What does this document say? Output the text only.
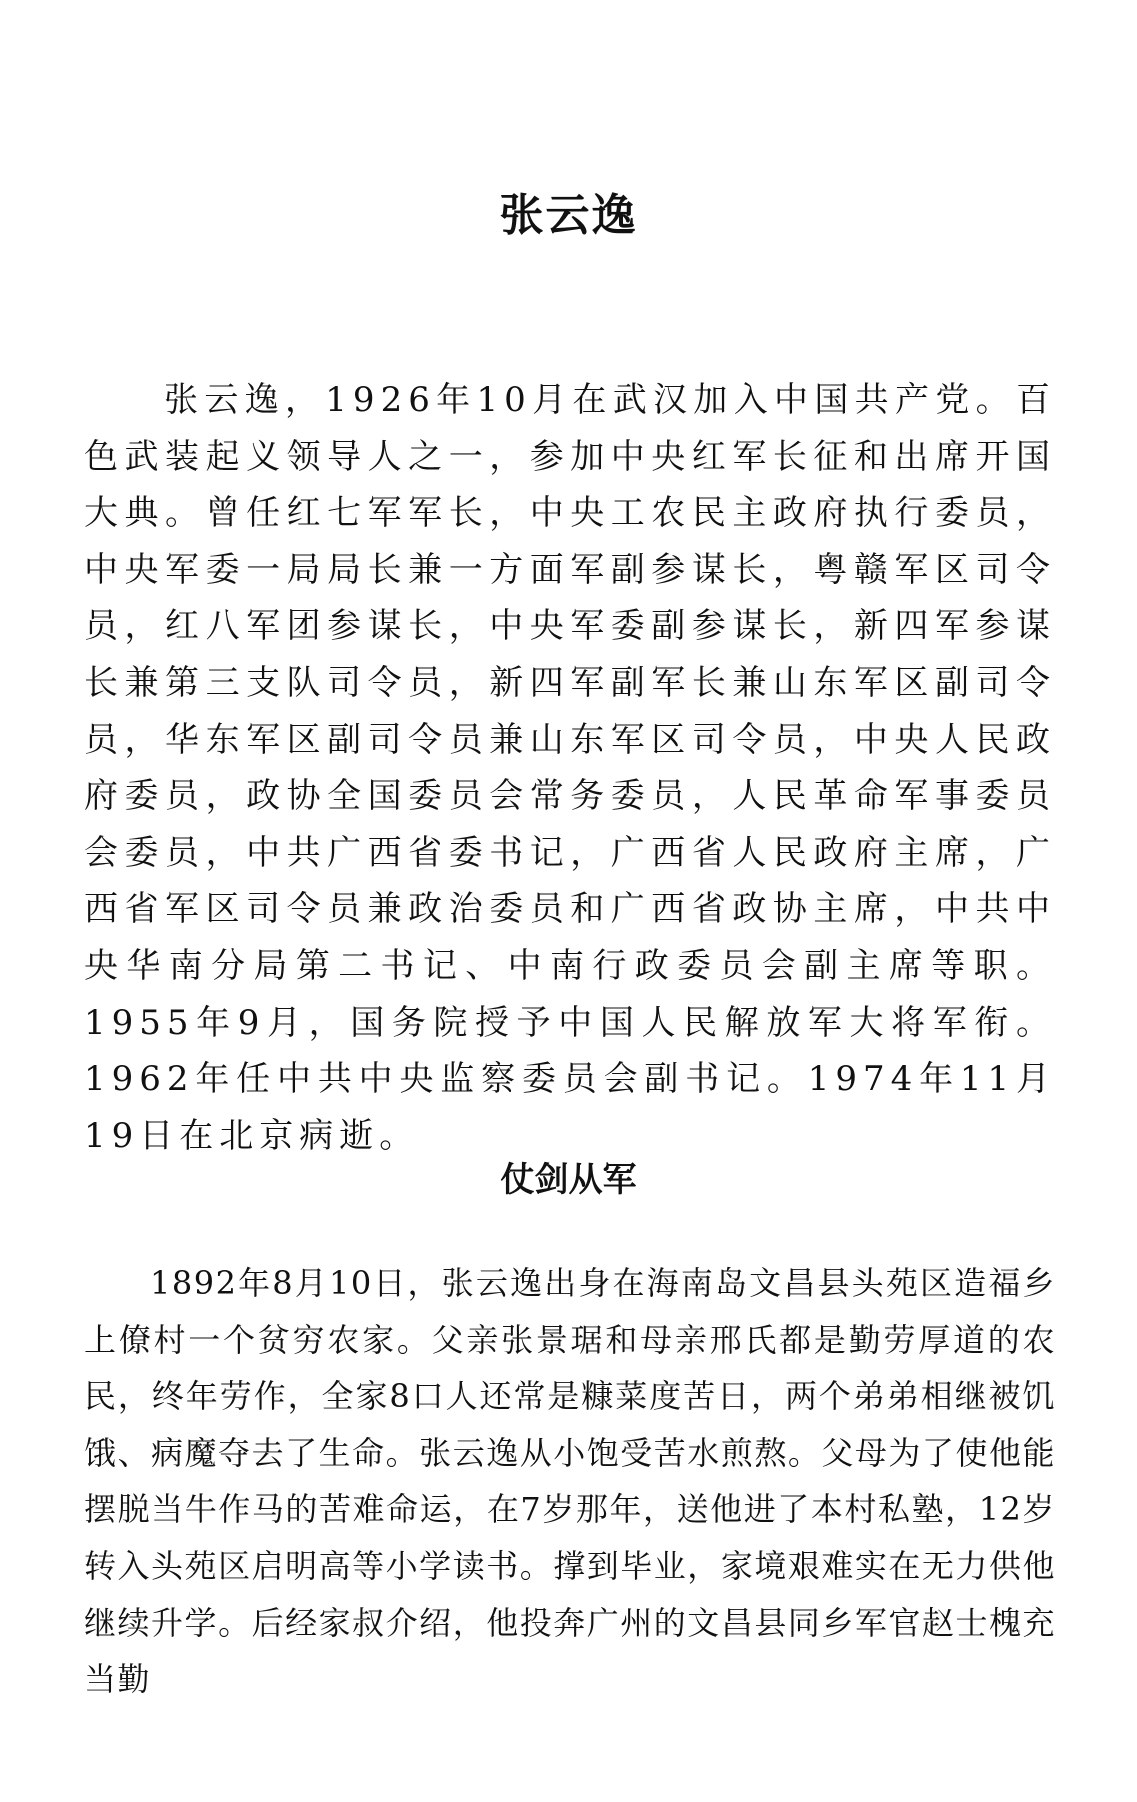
张云逸

张云逸，1926年10月在武汉加入中国共产党。百色武装起义领导人之一，参加中央红军长征和出席开国大典。曾任红七军军长，中央工农民主政府执行委员，中央军委一局局长兼一方面军副参谋长，粤赣军区司令员，红八军团参谋长，中央军委副参谋长，新四军参谋长兼第三支队司令员，新四军副军长兼山东军区副司令员，华东军区副司令员兼山东军区司令员，中央人民政府委员，政协全国委员会常务委员，人民革命军事委员会委员，中共广西省委书记，广西省人民政府主席，广西省军区司令员兼政治委员和广西省政协主席，中共中央华南分局第二书记、中南行政委员会副主席等职。1955年9月，国务院授予中国人民解放军大将军衔。1962年任中共中央监察委员会副书记。1974年11月19日在北京病逝。

仗剑从军

1892年8月10日，张云逸出身在海南岛文昌县头苑区造福乡上僚村一个贫穷农家。父亲张景琚和母亲邢氏都是勤劳厚道的农民，终年劳作，全家8口人还常是糠菜度苦日，两个弟弟相继被饥饿、病魔夺去了生命。张云逸从小饱受苦水煎熬。父母为了使他能摆脱当牛作马的苦难命运，在7岁那年，送他进了本村私塾，12岁转入头苑区启明高等小学读书。撑到毕业，家境艰难实在无力供他继续升学。后经家叔介绍，他投奔广州的文昌县同乡军官赵士槐充当勤
